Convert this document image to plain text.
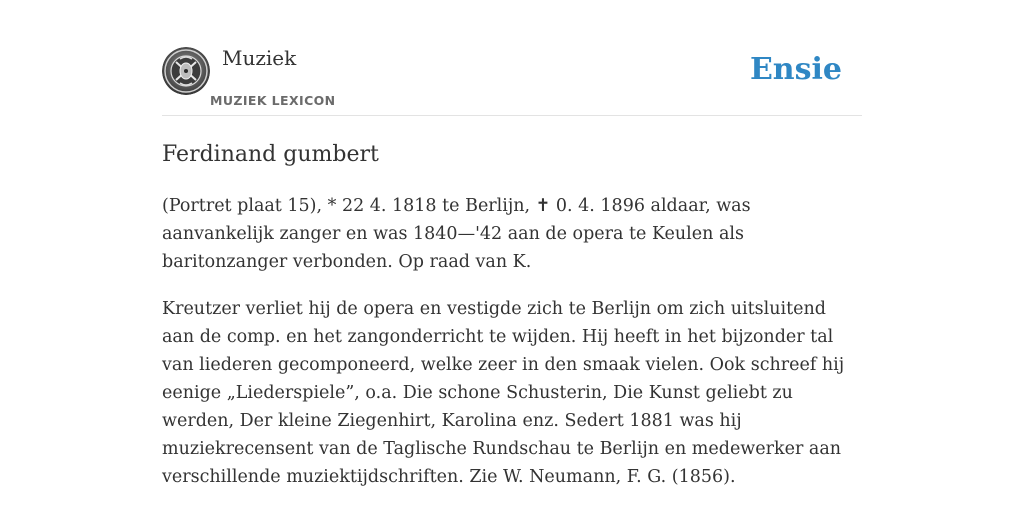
Muziek
MUZIEK LEXICON
Ensie
Ferdinand gumbert

(Portret plaat 15), * 22 4. 1818 te Berlijn, ✝ 0. 4. 1896 aldaar, was aanvankelijk zanger en was 1840—'42 aan de opera te Keulen als baritonzanger verbonden. Op raad van K.

Kreutzer verliet hij de opera en vestigde zich te Berlijn om zich uitsluitend aan de comp. en het zangonderricht te wijden. Hij heeft in het bijzonder tal van liederen gecomponeerd, welke zeer in den smaak vielen. Ook schreef hij eenige „Liederspiele”, o.a. Die schone Schusterin, Die Kunst geliebt zu werden, Der kleine Ziegenhirt, Karolina enz. Sedert 1881 was hij muziekrecensent van de Taglische Rundschau te Berlijn en medewerker aan verschillende muziektijdschriften. Zie W. Neumann, F. G. (1856).
